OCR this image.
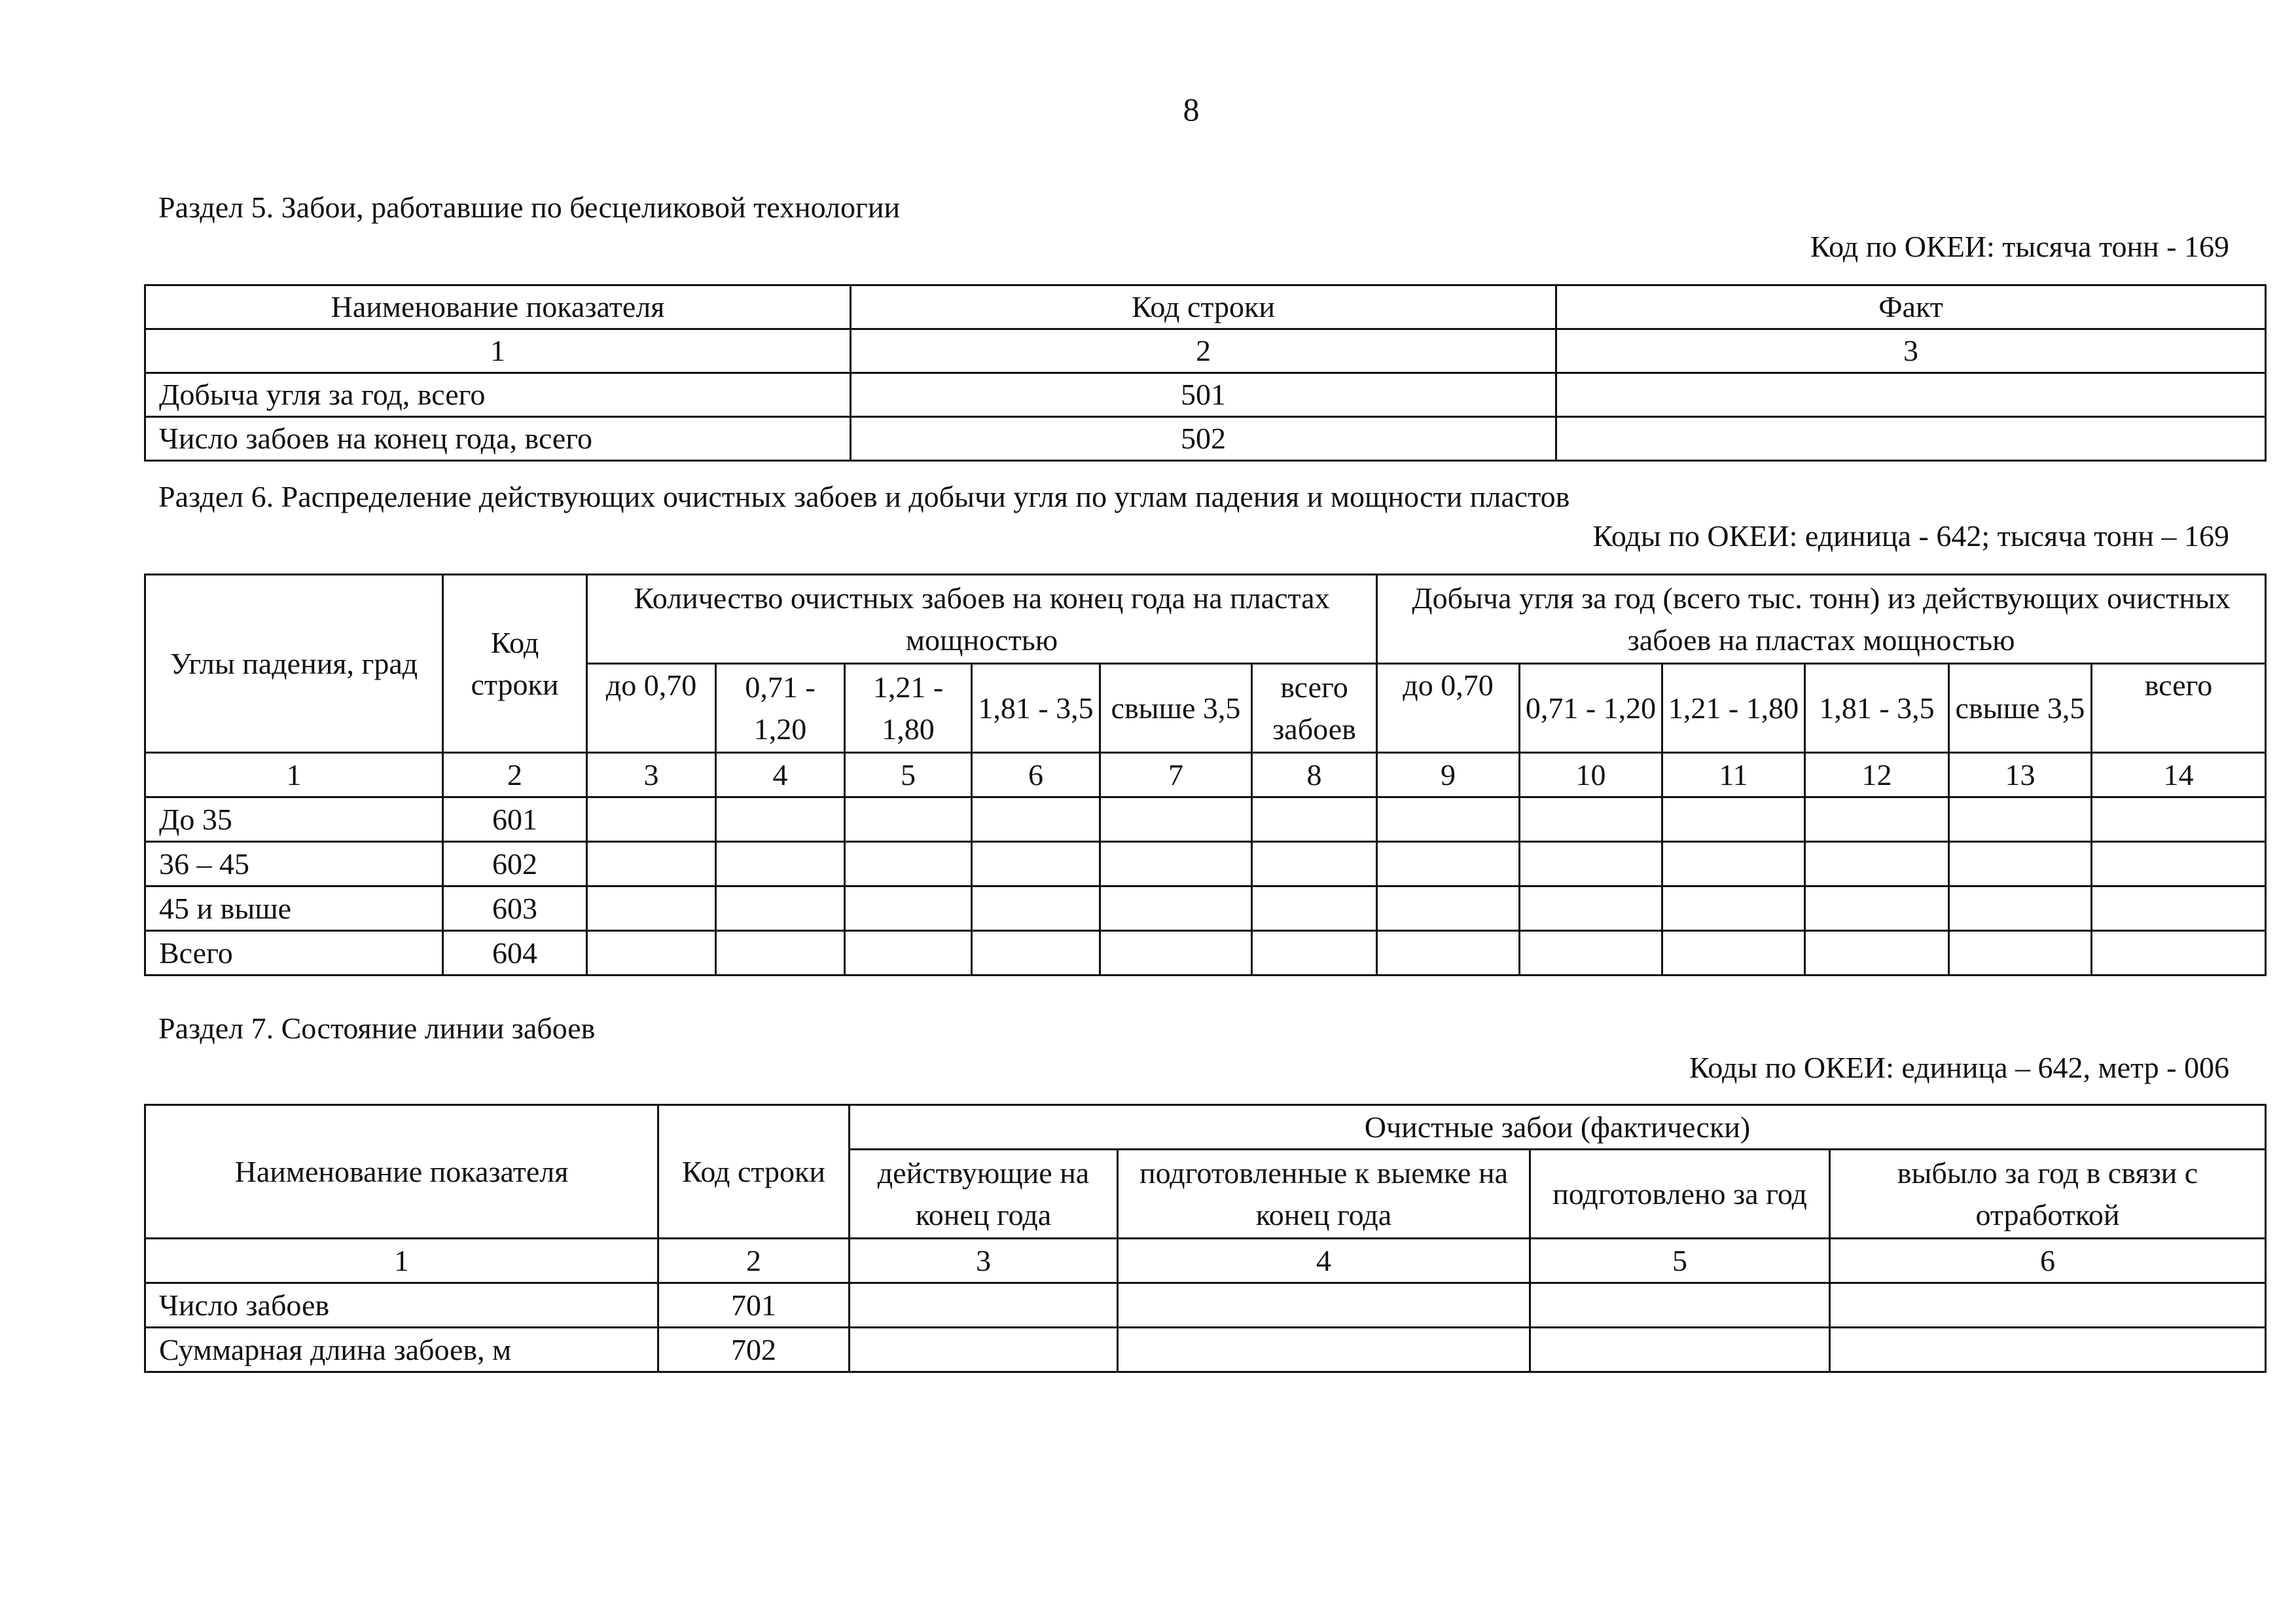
8
Раздел 5. Забои, работавшие по бесцеликовой технологии
Код по ОКЕИ: тысяча тонн - 169
Наименование показателя	Код строки	Факт
1	2	3
Добыча угля за год, всего	501	
Число забоев на конец года, всего	502	
Раздел 6. Распределение действующих очистных забоев и добычи угля по углам падения и мощности пластов
Коды по ОКЕИ: единица - 642; тысяча тонн – 169
Углы падения, град	Код строки	Количество очистных забоев на конец года на пластах мощностью						Добыча угля за год (всего тыс. тонн) из действующих очистных забоев на пластах мощностью					
		до 0,70	0,71 - 1,20	1,21 - 1,80	1,81 - 3,5	свыше 3,5	всего забоев	до 0,70	0,71 - 1,20	1,21 - 1,80	1,81 - 3,5	свыше 3,5	всего
1	2	3	4	5	6	7	8	9	10	11	12	13	14
До 35	601												
36 – 45	602												
45 и выше	603												
Всего	604												
Раздел 7. Состояние линии забоев
Коды по ОКЕИ: единица – 642, метр - 006
Наименование показателя	Код строки	Очистные забои (фактически)			
		действующие на конец года	подготовленные к выемке на конец года	подготовлено за год	выбыло за год в связи с отработкой
1	2	3	4	5	6
Число забоев	701				
Суммарная длина забоев, м	702				
